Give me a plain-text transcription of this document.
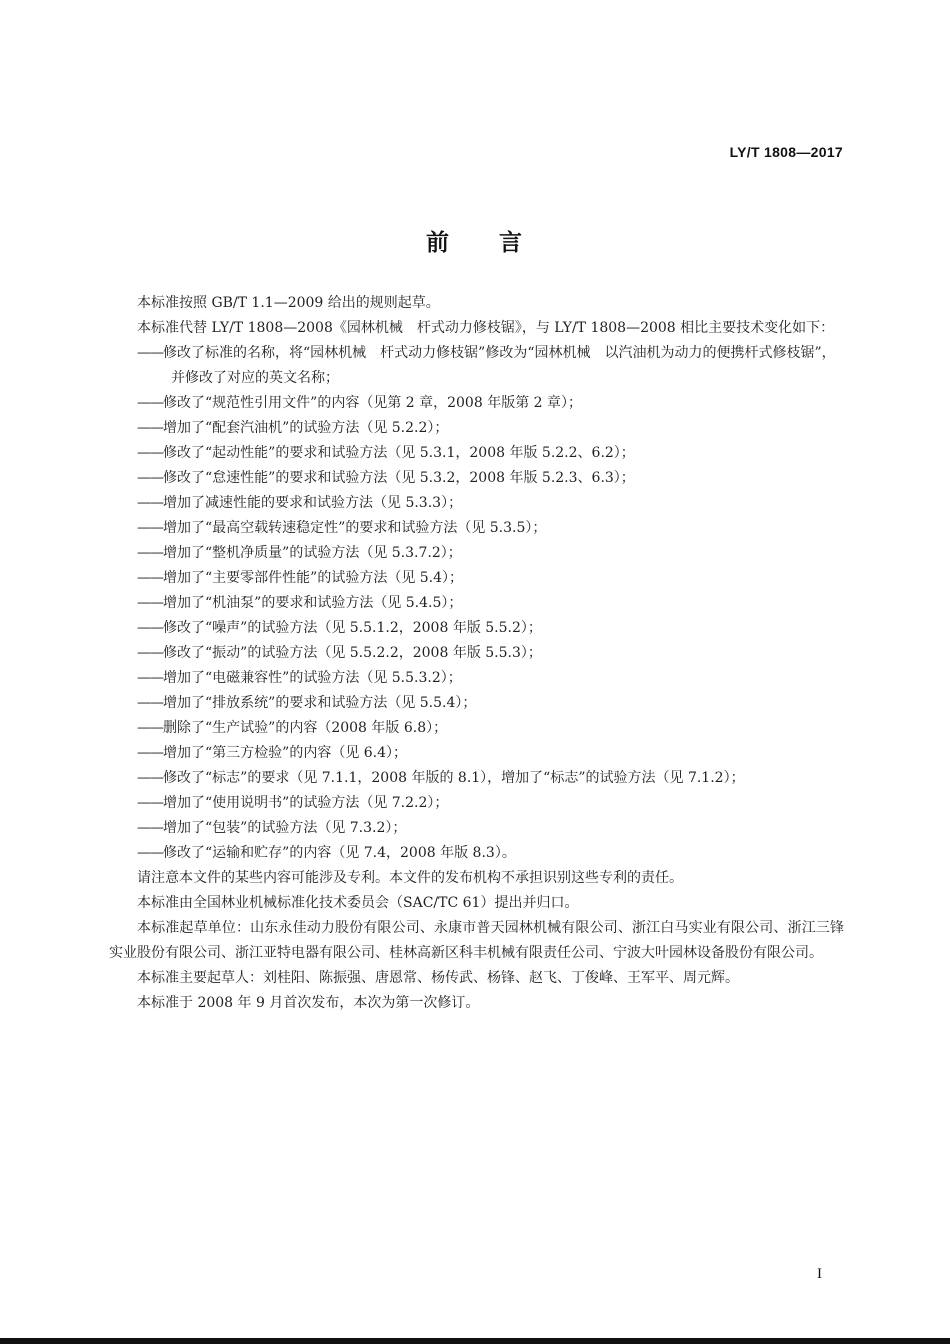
LY/T 1808—2017
前 言

本标准按照 GB/T 1.1—2009 给出的规则起草。

本标准代替 LY/T 1808—2008《园林机械　杆式动力修枝锯》，与 LY/T 1808—2008 相比主要技术变化如下：

——修改了标准的名称，将“园林机械　杆式动力修枝锯”修改为“园林机械　以汽油机为动力的便携杆式修枝锯”，并修改了对应的英文名称；

——修改了“规范性引用文件”的内容（见第 2 章，2008 年版第 2 章）；

——增加了“配套汽油机”的试验方法（见 5.2.2）；

——修改了“起动性能”的要求和试验方法（见 5.3.1，2008 年版 5.2.2、6.2）；

——修改了“怠速性能”的要求和试验方法（见 5.3.2，2008 年版 5.2.3、6.3）；

——增加了减速性能的要求和试验方法（见 5.3.3）；

——增加了“最高空载转速稳定性”的要求和试验方法（见 5.3.5）；

——增加了“整机净质量”的试验方法（见 5.3.7.2）；

——增加了“主要零部件性能”的试验方法（见 5.4）；

——增加了“机油泵”的要求和试验方法（见 5.4.5）；

——修改了“噪声”的试验方法（见 5.5.1.2，2008 年版 5.5.2）；

——修改了“振动”的试验方法（见 5.5.2.2，2008 年版 5.5.3）；

——增加了“电磁兼容性”的试验方法（见 5.5.3.2）；

——增加了“排放系统”的要求和试验方法（见 5.5.4）；

——删除了“生产试验”的内容（2008 年版 6.8）；

——增加了“第三方检验”的内容（见 6.4）；

——修改了“标志”的要求（见 7.1.1，2008 年版的 8.1），增加了“标志”的试验方法（见 7.1.2）；

——增加了“使用说明书”的试验方法（见 7.2.2）；

——增加了“包装”的试验方法（见 7.3.2）；

——修改了“运输和贮存”的内容（见 7.4，2008 年版 8.3）。

请注意本文件的某些内容可能涉及专利。本文件的发布机构不承担识别这些专利的责任。

本标准由全国林业机械标准化技术委员会（SAC/TC 61）提出并归口。

本标准起草单位：山东永佳动力股份有限公司、永康市普天园林机械有限公司、浙江白马实业有限公司、浙江三锋实业股份有限公司、浙江亚特电器有限公司、桂林高新区科丰机械有限责任公司、宁波大叶园林设备股份有限公司。

本标准主要起草人：刘桂阳、陈振强、唐恩常、杨传武、杨锋、赵飞、丁俊峰、王军平、周元辉。

本标准于 2008 年 9 月首次发布，本次为第一次修订。

I
